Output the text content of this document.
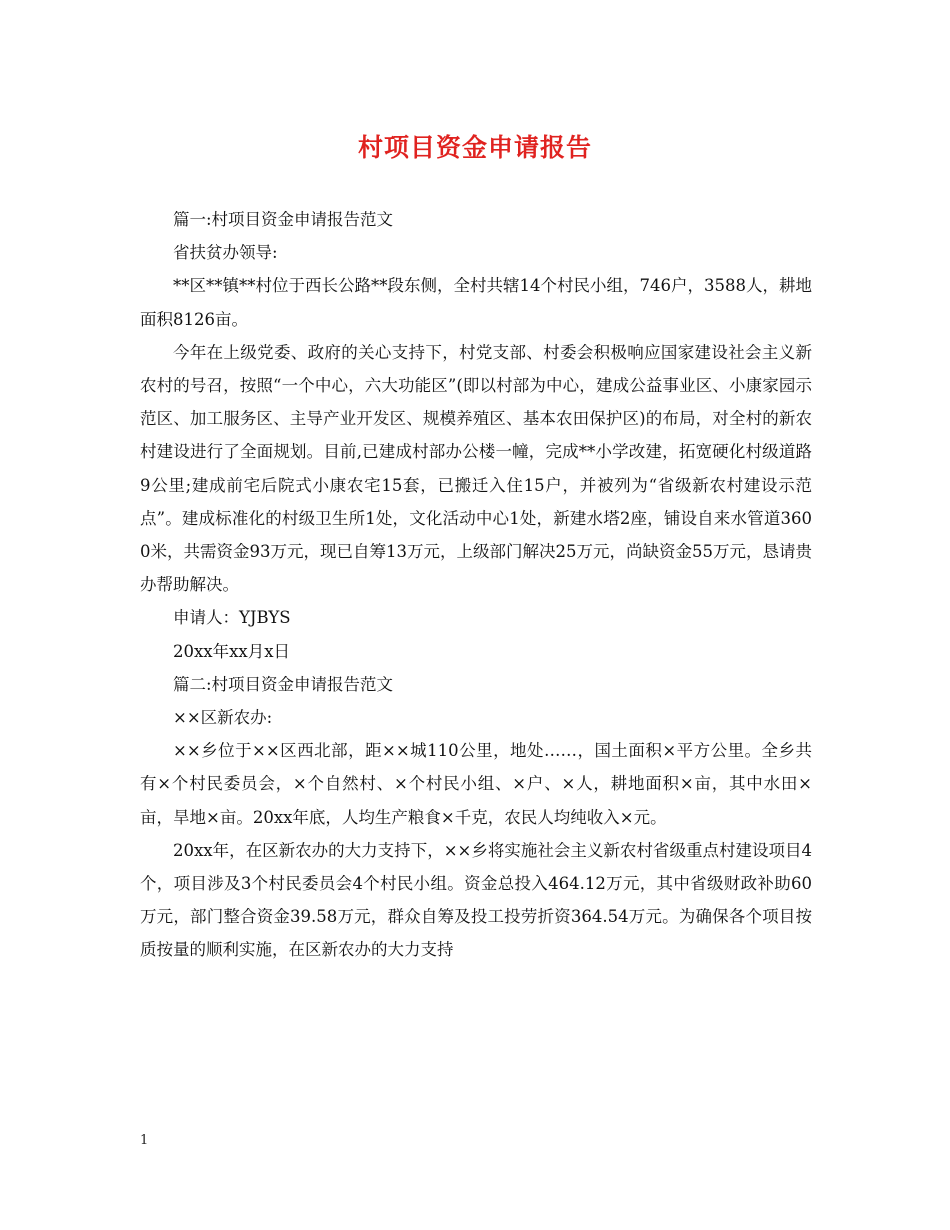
村项目资金申请报告

篇一:村项目资金申请报告范文

省扶贫办领导:

**区**镇**村位于西长公路**段东侧，全村共辖14个村民小组，746户，3588人，耕地面积8126亩。

今年在上级党委、政府的关心支持下，村党支部、村委会积极响应国家建设社会主义新农村的号召，按照“一个中心，六大功能区”(即以村部为中心，建成公益事业区、小康家园示范区、加工服务区、主导产业开发区、规模养殖区、基本农田保护区)的布局，对全村的新农村建设进行了全面规划。目前,已建成村部办公楼一幢，完成**小学改建，拓宽硬化村级道路9公里;建成前宅后院式小康农宅15套，已搬迁入住15户，并被列为“省级新农村建设示范点”。建成标准化的村级卫生所1处，文化活动中心1处，新建水塔2座，铺设自来水管道3600米，共需资金93万元，现已自筹13万元，上级部门解决25万元，尚缺资金55万元，恳请贵办帮助解决。

申请人：YJBYS

20xx年xx月x日

篇二:村项目资金申请报告范文

××区新农办:

××乡位于××区西北部，距××城110公里，地处……，国土面积×平方公里。全乡共有×个村民委员会，×个自然村、×个村民小组、×户、×人，耕地面积×亩，其中水田×亩，旱地×亩。20xx年底，人均生产粮食×千克，农民人均纯收入×元。

20xx年，在区新农办的大力支持下，××乡将实施社会主义新农村省级重点村建设项目4个，项目涉及3个村民委员会4个村民小组。资金总投入464.12万元，其中省级财政补助60万元，部门整合资金39.58万元，群众自筹及投工投劳折资364.54万元。为确保各个项目按质按量的顺利实施，在区新农办的大力支持

1
